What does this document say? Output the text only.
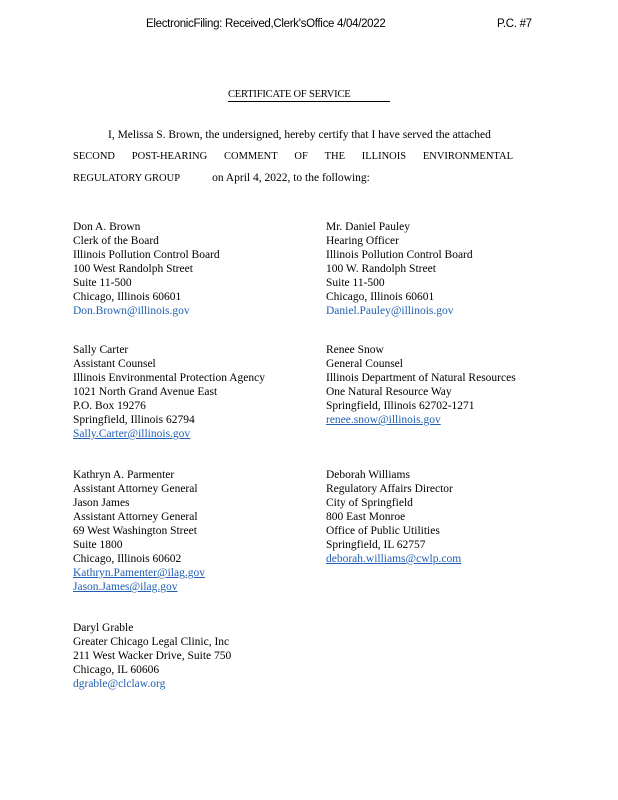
ElectronicFiling: Received,Clerk'sOffice 4/04/2022	P.C. #7
CERTIFICATE OF SERVICE
I, Melissa S. Brown, the undersigned, hereby certify that I have served the attached
SECOND POST-HEARING COMMENT OF THE ILLINOIS ENVIRONMENTAL
REGULATORY GROUP	on April 4, 2022, to the following:
Don A. Brown
Clerk of the Board
Illinois Pollution Control Board
100 West Randolph Street
Suite 11-500
Chicago, Illinois 60601
Don.Brown@illinois.gov
Mr. Daniel Pauley
Hearing Officer
Illinois Pollution Control Board
100 W. Randolph Street
Suite 11-500
Chicago, Illinois 60601
Daniel.Pauley@illinois.gov
Sally Carter
Assistant Counsel
Illinois Environmental Protection Agency
1021 North Grand Avenue East
P.O. Box 19276
Springfield, Illinois 62794
Sally.Carter@illinois.gov
Renee Snow
General Counsel
Illinois Department of Natural Resources
One Natural Resource Way
Springfield, Illinois 62702-1271
renee.snow@illinois.gov
Kathryn A. Parmenter
Assistant Attorney General
Jason James
Assistant Attorney General
69 West Washington Street
Suite 1800
Chicago, Illinois 60602
Kathryn.Pamenter@ilag.gov
Jason.James@ilag.gov
Deborah Williams
Regulatory Affairs Director
City of Springfield
800 East Monroe
Office of Public Utilities
Springfield, IL 62757
deborah.williams@cwlp.com
Daryl Grable
Greater Chicago Legal Clinic, Inc
211 West Wacker Drive, Suite 750
Chicago, IL 60606
dgrable@clclaw.org
